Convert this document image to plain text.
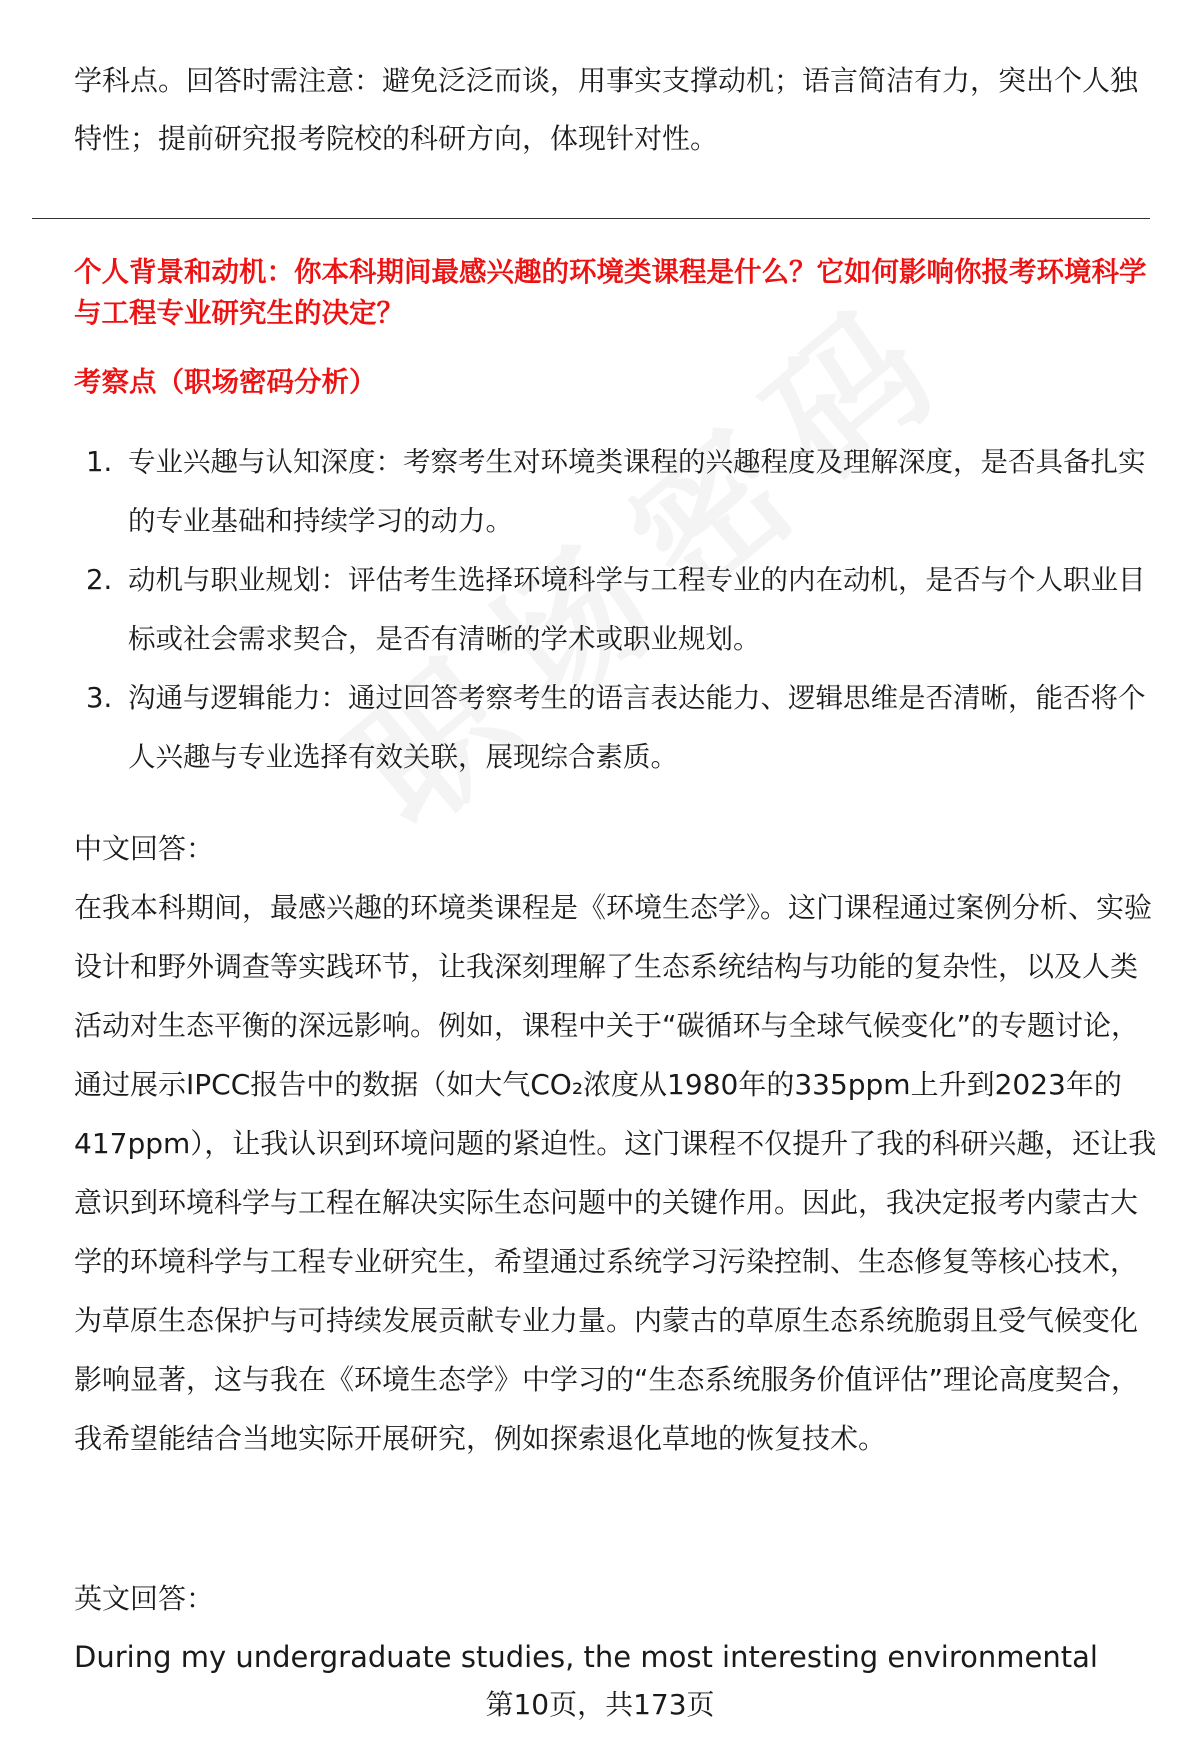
学科点。回答时需注意：避免泛泛而谈，用事实支撑动机；语言简洁有力，突出个人独特性；提前研究报考院校的科研方向，体现针对性。

个人背景和动机：你本科期间最感兴趣的环境类课程是什么？它如何影响你报考环境科学与工程专业研究生的决定？
考察点（职场密码分析）
1. 专业兴趣与认知深度：考察考生对环境类课程的兴趣程度及理解深度，是否具备扎实的专业基础和持续学习的动力。
2. 动机与职业规划：评估考生选择环境科学与工程专业的内在动机，是否与个人职业目标或社会需求契合，是否有清晰的学术或职业规划。
3. 沟通与逻辑能力：通过回答考察考生的语言表达能力、逻辑思维是否清晰，能否将个人兴趣与专业选择有效关联，展现综合素质。
中文回答：

在我本科期间，最感兴趣的环境类课程是《环境生态学》。这门课程通过案例分析、实验设计和野外调查等实践环节，让我深刻理解了生态系统结构与功能的复杂性，以及人类活动对生态平衡的深远影响。例如，课程中关于“碳循环与全球气候变化”的专题讨论，通过展示IPCC报告中的数据（如大气CO₂浓度从1980年的335ppm上升到2023年的417ppm），让我认识到环境问题的紧迫性。这门课程不仅提升了我的科研兴趣，还让我意识到环境科学与工程在解决实际生态问题中的关键作用。因此，我决定报考内蒙古大学的环境科学与工程专业研究生，希望通过系统学习污染控制、生态修复等核心技术，为草原生态保护与可持续发展贡献专业力量。内蒙古的草原生态系统脆弱且受气候变化影响显著，这与我在《环境生态学》中学习的“生态系统服务价值评估”理论高度契合，我希望能结合当地实际开展研究，例如探索退化草地的恢复技术。

英文回答：

During my undergraduate studies, the most interesting environmental

第10页，共173页
